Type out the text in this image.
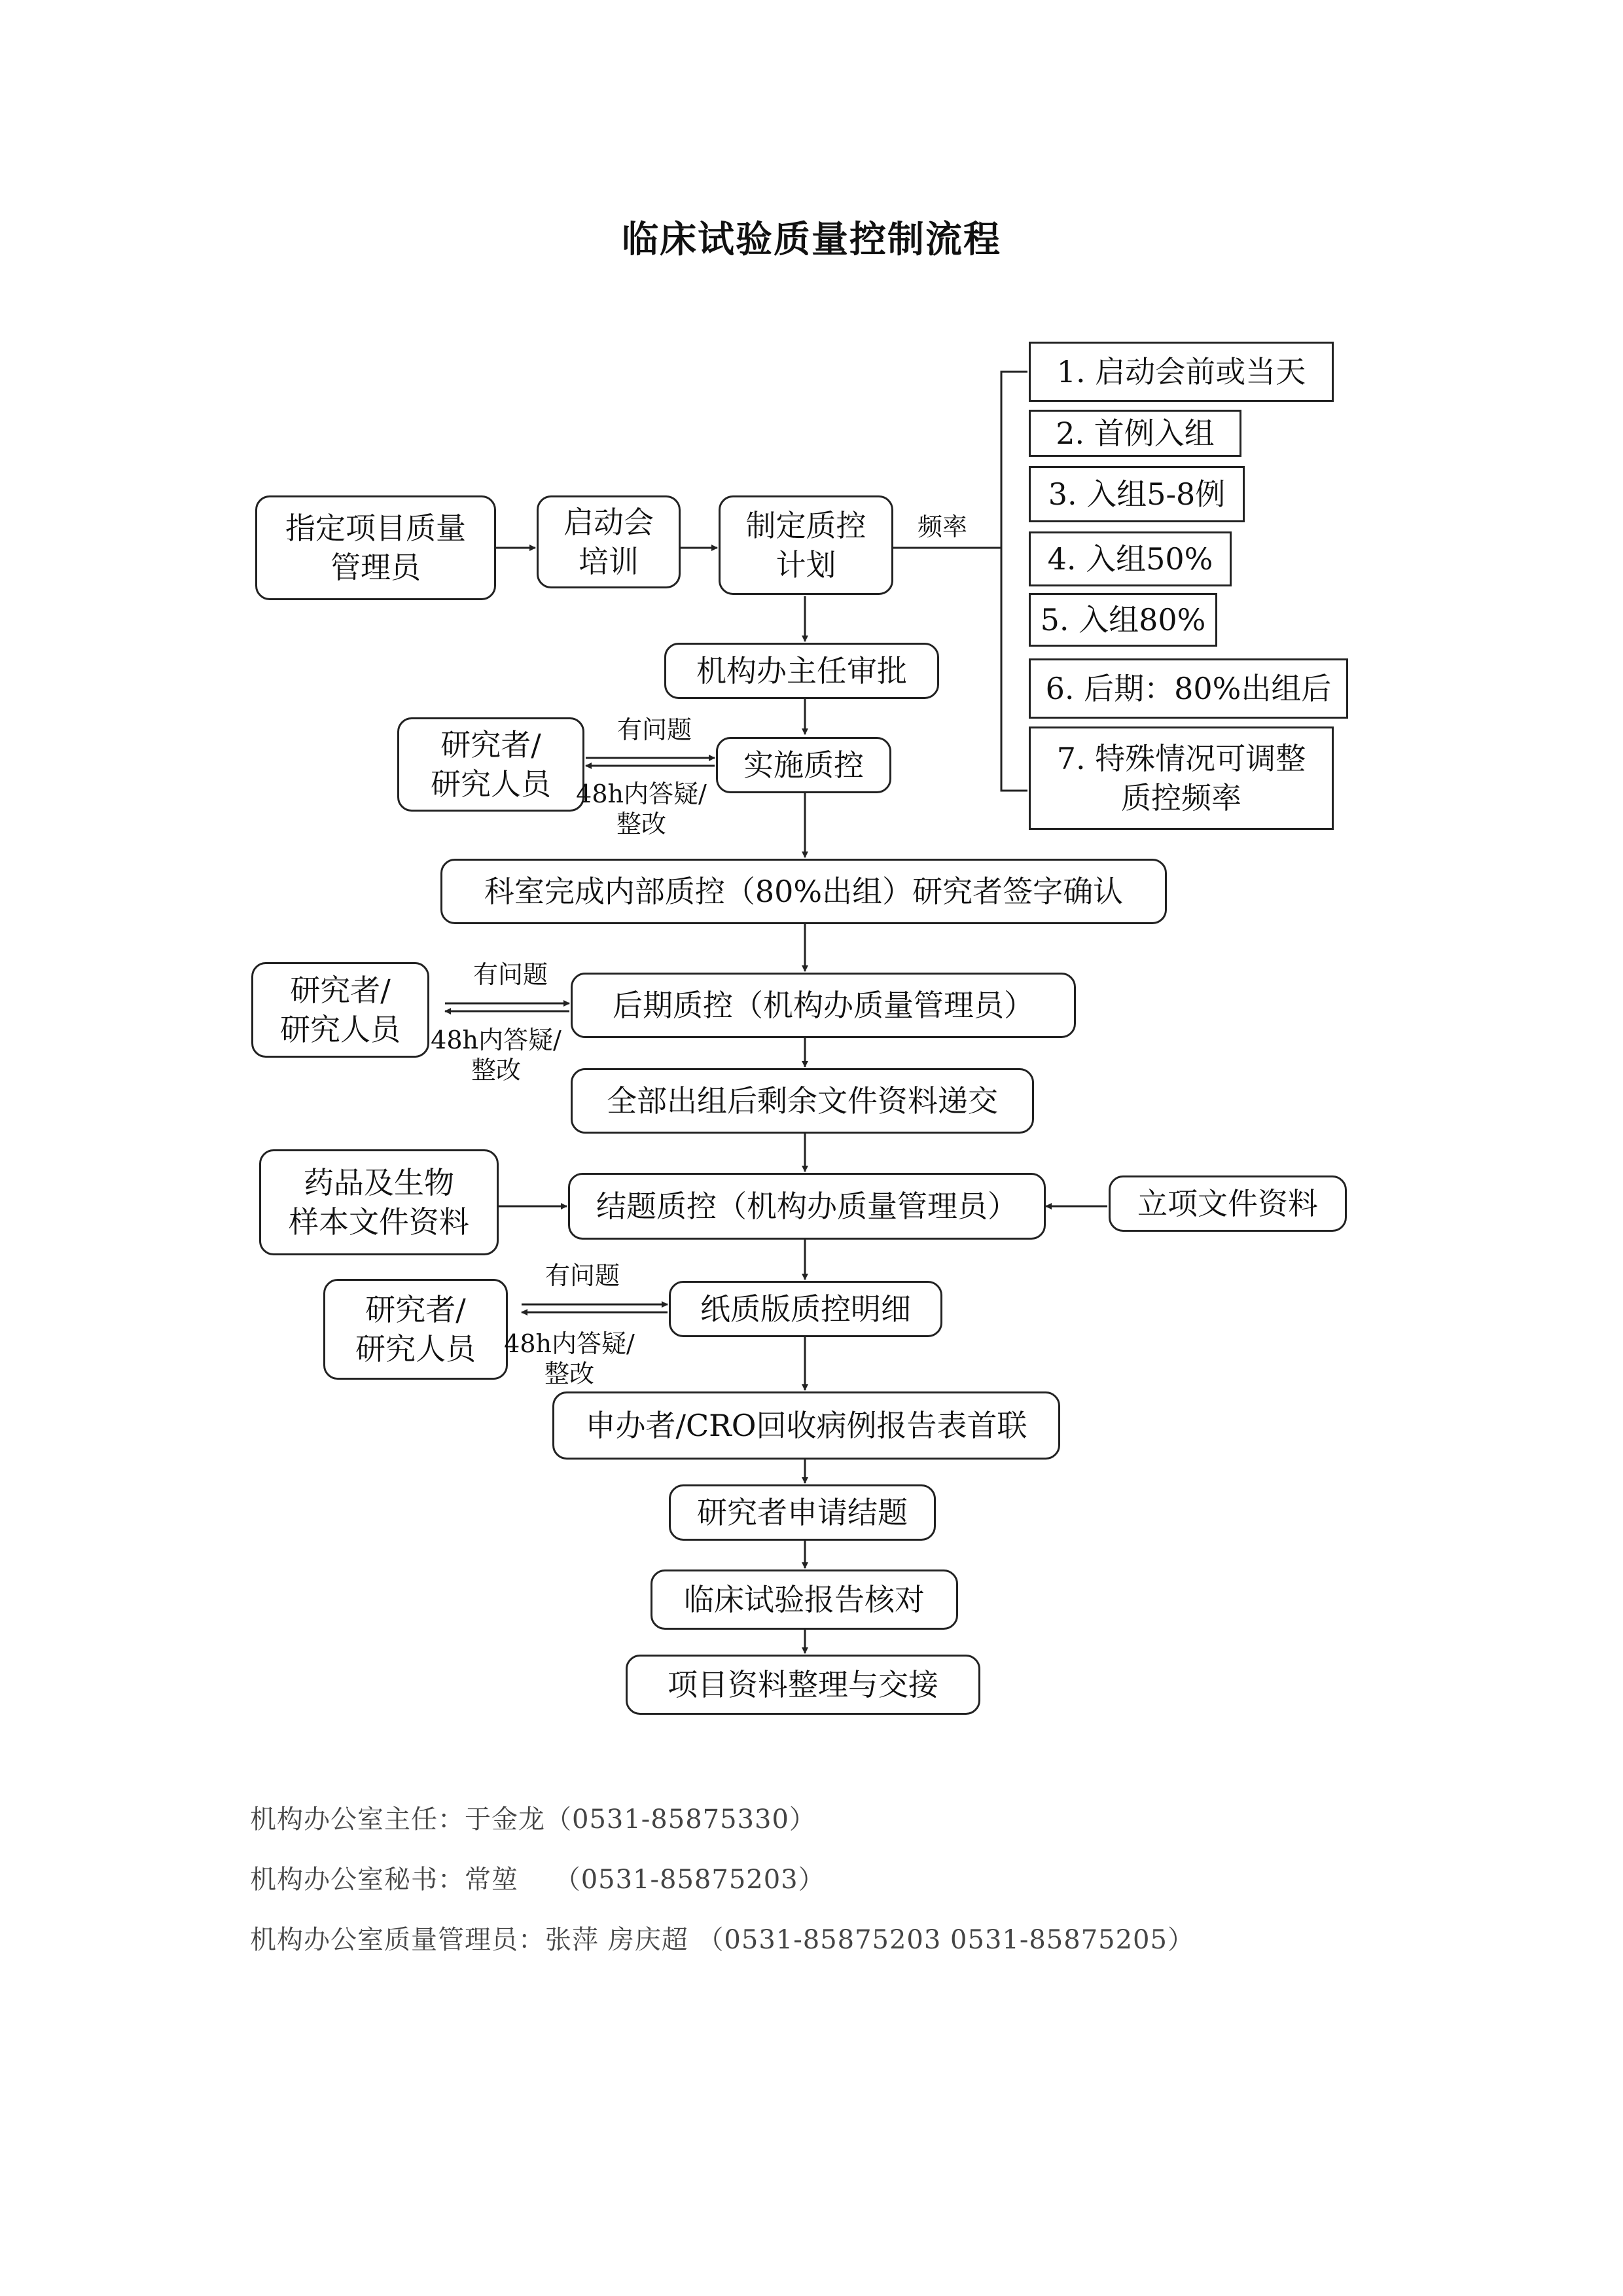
临床试验质量控制流程
指定项目质量
管理员
启动会
培训
制定质控
计划
频率
1. 启动会前或当天
2. 首例入组
3. 入组5-8例
4. 入组50%
5. 入组80%
6. 后期：80%出组后
7. 特殊情况可调整
质控频率
机构办主任审批
研究者/
研究人员
有问题
48h内答疑/
整改
实施质控
科室完成内部质控（80%出组）研究者签字确认
研究者/
研究人员
有问题
48h内答疑/
整改
后期质控（机构办质量管理员）
全部出组后剩余文件资料递交
药品及生物
样本文件资料	结题质控（机构办质量管理员）	立项文件资料
研究者/
研究人员
有问题
48h内答疑/
整改
纸质版质控明细
申办者/CRO回收病例报告表首联
研究者申请结题
临床试验报告核对
项目资料整理与交接
机构办公室主任：于金龙（0531-85875330）
机构办公室秘书：常堃　 （0531-85875203）
机构办公室质量管理员：张萍 房庆超 （0531-85875203 0531-85875205）
